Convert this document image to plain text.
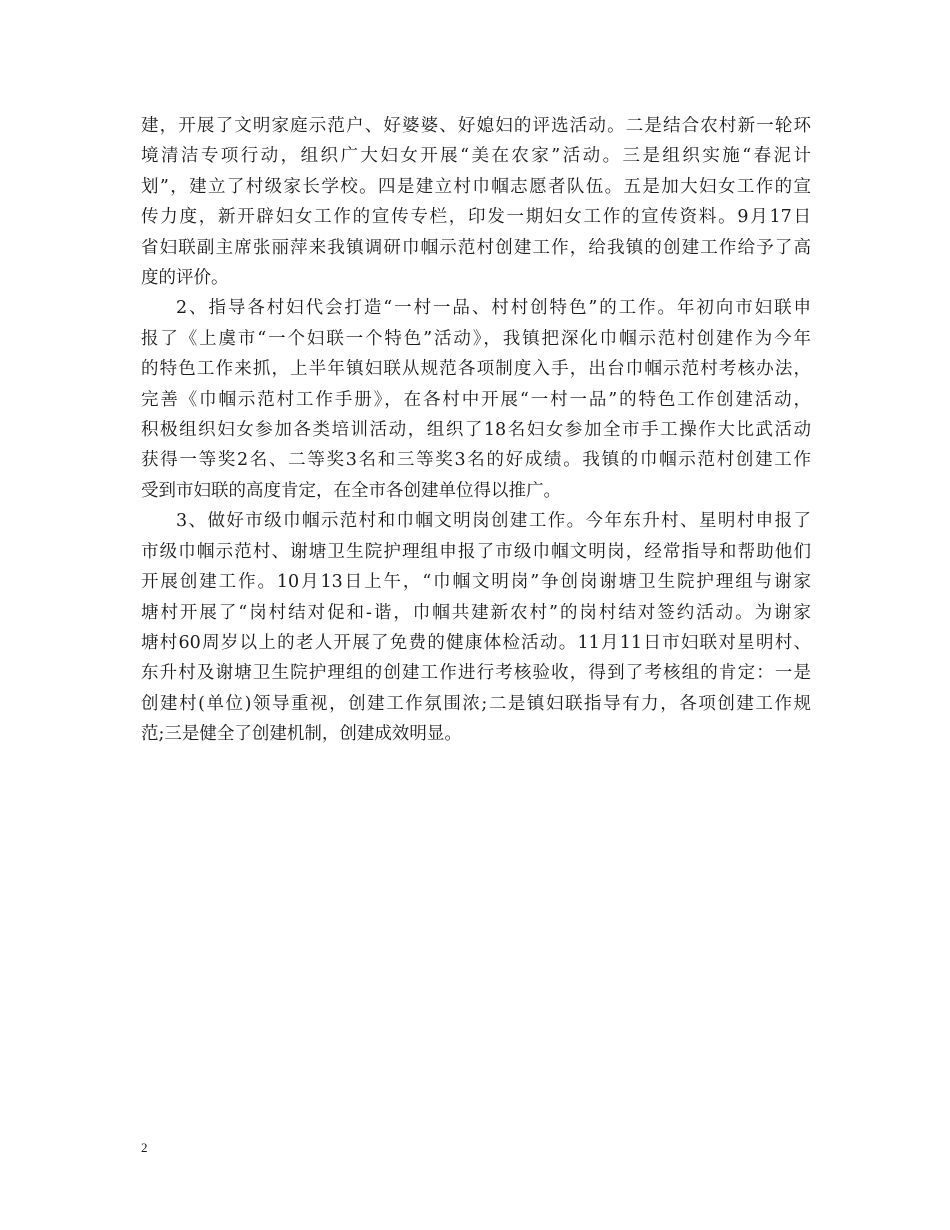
建，开展了文明家庭示范户、好婆婆、好媳妇的评选活动。二是结合农村新一轮环
境清洁专项行动，组织广大妇女开展“美在农家”活动。三是组织实施“春泥计
划”，建立了村级家长学校。四是建立村巾帼志愿者队伍。五是加大妇女工作的宣
传力度，新开辟妇女工作的宣传专栏，印发一期妇女工作的宣传资料。9月17日
省妇联副主席张丽萍来我镇调研巾帼示范村创建工作，给我镇的创建工作给予了高
度的评价。
2、指导各村妇代会打造“一村一品、村村创特色”的工作。年初向市妇联申
报了《上虞市“一个妇联一个特色”活动》，我镇把深化巾帼示范村创建作为今年
的特色工作来抓，上半年镇妇联从规范各项制度入手，出台巾帼示范村考核办法，
完善《巾帼示范村工作手册》，在各村中开展“一村一品”的特色工作创建活动，
积极组织妇女参加各类培训活动，组织了18名妇女参加全市手工操作大比武活动
获得一等奖2名、二等奖3名和三等奖3名的好成绩。我镇的巾帼示范村创建工作
受到市妇联的高度肯定，在全市各创建单位得以推广。
3、做好市级巾帼示范村和巾帼文明岗创建工作。今年东升村、星明村申报了
市级巾帼示范村、谢塘卫生院护理组申报了市级巾帼文明岗，经常指导和帮助他们
开展创建工作。10月13日上午，“巾帼文明岗”争创岗谢塘卫生院护理组与谢家
塘村开展了“岗村结对促和-谐，巾帼共建新农村”的岗村结对签约活动。为谢家
塘村60周岁以上的老人开展了免费的健康体检活动。11月11日市妇联对星明村、
东升村及谢塘卫生院护理组的创建工作进行考核验收，得到了考核组的肯定：一是
创建村(单位)领导重视，创建工作氛围浓;二是镇妇联指导有力，各项创建工作规
范;三是健全了创建机制，创建成效明显。
2
